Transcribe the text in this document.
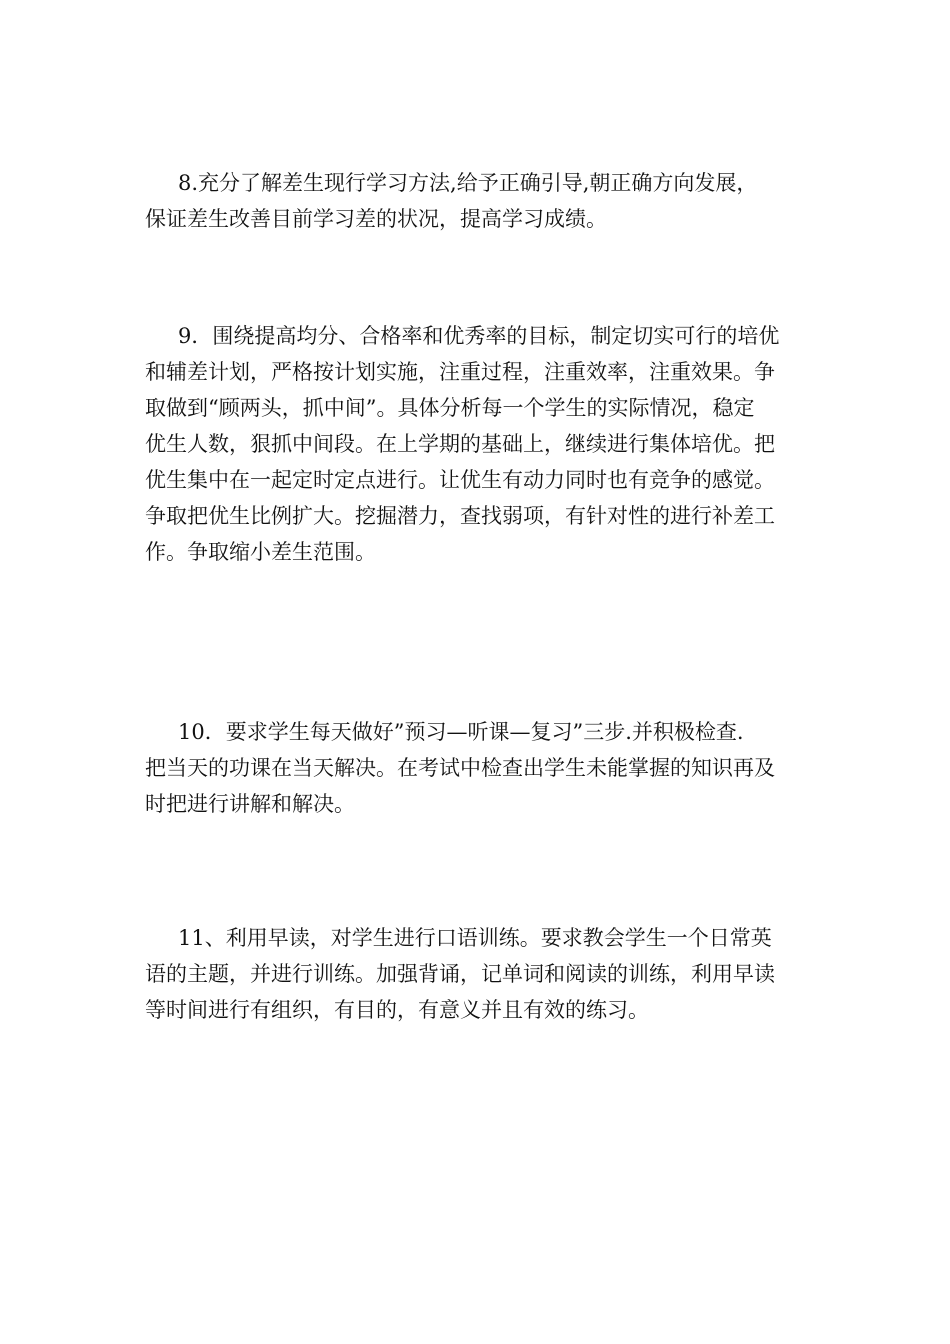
8.充分了解差生现行学习方法,给予正确引导,朝正确方向发展，
保证差生改善目前学习差的状况，提高学习成绩。
9．围绕提高均分、合格率和优秀率的目标，制定切实可行的培优
和辅差计划，严格按计划实施，注重过程，注重效率，注重效果。争
取做到“顾两头，抓中间”。具体分析每一个学生的实际情况，稳定
优生人数，狠抓中间段。在上学期的基础上，继续进行集体培优。把
优生集中在一起定时定点进行。让优生有动力同时也有竞争的感觉。
争取把优生比例扩大。挖掘潜力，查找弱项，有针对性的进行补差工
作。争取缩小差生范围。
10．要求学生每天做好”预习—听课—复习”三步.并积极检查.
把当天的功课在当天解决。在考试中检查出学生未能掌握的知识再及
时把进行讲解和解决。
11、利用早读，对学生进行口语训练。要求教会学生一个日常英
语的主题，并进行训练。加强背诵，记单词和阅读的训练，利用早读
等时间进行有组织，有目的，有意义并且有效的练习。
